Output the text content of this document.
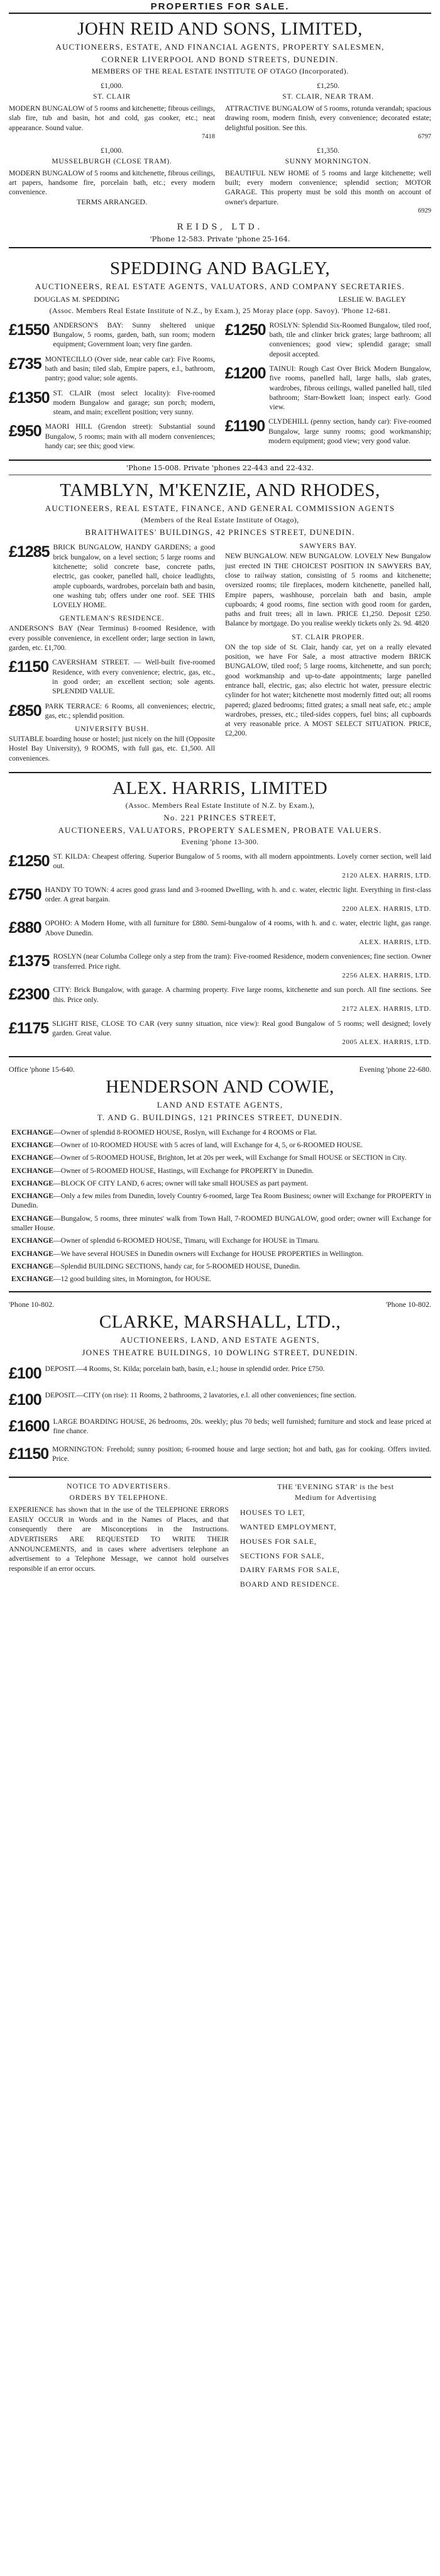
PROPERTIES FOR SALE.
JOHN REID AND SONS, LIMITED,
AUCTIONEERS, ESTATE, AND FINANCIAL AGENTS, PROPERTY SALESMEN,
CORNER LIVERPOOL AND BOND STREETS, DUNEDIN.
MEMBERS OF THE REAL ESTATE INSTITUTE OF OTAGO (Incorporated).
£1,000.
ST. CLAIR
MODERN BUNGALOW of 5 rooms and kitchenette; fibrous ceilings, slab fire, tub and basin, hot and cold, gas cooker, etc.; neat appearance. Sound value.
7418
£1,000.
MUSSELBURGH (CLOSE TRAM).
MODERN BUNGALOW of 5 rooms and kitchenette, fibrous ceilings, art papers, handsome fire, porcelain bath, etc.; every modern convenience.
TERMS ARRANGED.
£1,250.
ST. CLAIR, NEAR TRAM.
ATTRACTIVE BUNGALOW of 5 rooms, rotunda verandah; spacious drawing room, modern finish, every convenience; decorated estate; delightful position. See this.
6797
£1,350.
SUNNY MORNINGTON.
BEAUTIFUL NEW HOME of 5 rooms and large kitchenette; well built; every modern convenience; splendid section; MOTOR GARAGE. This property must be sold this month on account of owner's departure.
6929
REIDS, LTD.
'Phone 12-583. Private 'phone 25-164.
SPEDDING AND BAGLEY,
AUCTIONEERS, REAL ESTATE AGENTS, VALUATORS, AND COMPANY SECRETARIES.
DOUGLAS M. SPEDDING	LESLIE W. BAGLEY
(Assoc. Members Real Estate Institute of N.Z., by Exam.), 25 Moray place (opp. Savoy). 'Phone 12-681.
£1550 ANDERSON'S BAY: Sunny sheltered unique Bungalow, 5 rooms, garden, bath, sun room; modern equipment; Government loan; very fine garden.
£735 MONTECILLO (Over side, near cable car): Five Rooms, bath and basin; tiled slab, Empire papers, e.l., bathroom, pantry; good value; sole agents.
£1350 ST. CLAIR (most select locality): Five-roomed modern Bungalow and garage; sun porch; modern, steam, and main; excellent position; very sunny.
£950 MAORI HILL (Grendon street): Substantial sound Bungalow, 5 rooms; main with all modern conveniences; handy car; see this; good view.
£1250 ROSLYN: Splendid Six-Roomed Bungalow, tiled roof, bath, tile and clinker brick grates; large bathroom; all conveniences; good view; splendid garage; small deposit accepted.
£1200 TAINUI: Rough Cast Over Brick Modern Bungalow, five rooms, panelled hall, large halls, slab grates, wardrobes, fibrous ceilings, walled panelled hall, tiled bathroom; Starr-Bowkett loan; inspect early. Good view.
£1190 CLYDEHILL (penny section, handy car): Five-roomed Bungalow, large sunny rooms; good workmanship; modern equipment; good view; very good value.
'Phone 15-008. Private 'phones 22-443 and 22-432.
TAMBLYN, M'KENZIE, AND RHODES,
AUCTIONEERS, REAL ESTATE, FINANCE, AND GENERAL COMMISSION AGENTS
(Members of the Real Estate Institute of Otago),
BRAITHWAITES' BUILDINGS, 42 PRINCES STREET, DUNEDIN.
£1285 BRICK BUNGALOW, HANDY GARDENS; a good brick bungalow, on a level section; 5 large rooms and kitchenette; solid concrete base, concrete paths, electric, gas cooker, panelled hall, choice leadlights, ample cupboards, wardrobes, porcelain bath and basin, one washing tub; offers under one roof. SEE THIS LOVELY HOME.
GENTLEMAN'S RESIDENCE.
ANDERSON'S BAY (Near Terminus) 8-roomed Residence, with every possible convenience, in excellent order; large section in lawn, garden, etc. £1,700.
£1150 CAVERSHAM STREET. — Well-built five-roomed Residence, with every convenience; electric, gas, etc., in good order; an excellent section; sole agents. SPLENDID VALUE.
£850 PARK TERRACE: 6 Rooms, all conveniences; electric, gas, etc.; splendid position.
UNIVERSITY BUSH.
SUITABLE boarding house or hostel; just nicely on the hill (Opposite Hostel Bay University), 9 ROOMS, with full gas, etc. £1,500. All conveniences.
SAWYERS BAY.
NEW BUNGALOW. NEW BUNGALOW. LOVELY New Bungalow just erected IN THE CHOICEST POSITION IN SAWYERS BAY, close to railway station, consisting of 5 rooms and kitchenette; oversized rooms; tile fireplaces, modern kitchenette, panelled hall, Empire papers, washhouse, porcelain bath and basin, ample cupboards; 4 good rooms, fine section with good room for garden, paths and fruit trees; all in lawn. PRICE £1,250. Deposit £250. Balance by mortgage. Do you realise weekly tickets only 2s. 9d. 4820
ST. CLAIR PROPER.
ON the top side of St. Clair, handy car, yet on a really elevated position, we have For Sale, a most attractive modern BRICK BUNGALOW, tiled roof; 5 large rooms, kitchenette, and sun porch; good workmanship and up-to-date appointments; large panelled entrance hall, electric, gas; also electric hot water, pressure electric cylinder for hot water; kitchenette most modernly fitted out; all rooms papered; glazed bedrooms; fitted grates; a small neat safe, etc.; ample wardrobes, presses, etc.; tiled-sides coppers, fuel bins; all cupboards at very reasonable price. A MOST SELECT SITUATION. PRICE, £2,200.
ALEX. HARRIS, LIMITED
(Assoc. Members Real Estate Institute of N.Z. by Exam.),
No. 221 PRINCES STREET,
AUCTIONEERS, VALUATORS, PROPERTY SALESMEN, PROBATE VALUERS.
Evening 'phone 13-300.
£1250 ST. KILDA: Cheapest offering. Superior Bungalow of 5 rooms, with all modern appointments. Lovely corner section, well laid out.
2120 ALEX. HARRIS, LTD.
£750 HANDY TO TOWN: 4 acres good grass land and 3-roomed Dwelling, with h. and c. water, electric light. Everything in first-class order. A great bargain.
2200 ALEX. HARRIS, LTD.
£880 OPOHO: A Modern Home, with all furniture for £880. Semi-bungalow of 4 rooms, with h. and c. water, electric light, gas range. Above Dunedin.
ALEX. HARRIS, LTD.
£1375 ROSLYN (near Columba College only a step from the tram): Five-roomed Residence, modern conveniences; fine section. Owner transferred. Price right.
2256 ALEX. HARRIS, LTD.
£2300 CITY: Brick Bungalow, with garage. A charming property. Five large rooms, kitchenette and sun porch. All fine sections. See this. Price only.
2172 ALEX. HARRIS, LTD.
£1175 SLIGHT RISE, CLOSE TO CAR (very sunny situation, nice view): Real good Bungalow of 5 rooms; well designed; lovely garden. Great value.
2005 ALEX. HARRIS, LTD.
Office 'phone 15-640.	Evening 'phone 22-680.
HENDERSON AND COWIE,
LAND AND ESTATE AGENTS,
T. AND G. BUILDINGS, 121 PRINCES STREET, DUNEDIN.
EXCHANGE—Owner of splendid 8-ROOMED HOUSE, Roslyn, will Exchange for 4 ROOMS or Flat.
EXCHANGE—Owner of 10-ROOMED HOUSE with 5 acres of land, will Exchange for 4, 5, or 6-ROOMED HOUSE.
EXCHANGE—Owner of 5-ROOMED HOUSE, Brighton, let at 20s per week, will Exchange for Small HOUSE or SECTION in City.
EXCHANGE—Owner of 5-ROOMED HOUSE, Hastings, will Exchange for PROPERTY in Dunedin.
EXCHANGE—BLOCK OF CITY LAND, 6 acres; owner will take small HOUSES as part payment.
EXCHANGE—Only a few miles from Dunedin, lovely Country 6-roomed, large Tea Room Business; owner will Exchange for PROPERTY in Dunedin.
EXCHANGE—Bungalow, 5 rooms, three minutes' walk from Town Hall, 7-ROOMED BUNGALOW, good order; owner will Exchange for smaller House.
EXCHANGE—Owner of splendid 6-ROOMED HOUSE, Timaru, will Exchange for HOUSE in Timaru.
EXCHANGE—We have several HOUSES in Dunedin owners will Exchange for HOUSE PROPERTIES in Wellington.
EXCHANGE—Splendid BUILDING SECTIONS, handy car, for 5-ROOMED HOUSE, Dunedin.
EXCHANGE—12 good building sites, in Mornington, for HOUSE.
'Phone 10-802.	'Phone 10-802.
CLARKE, MARSHALL, LTD.,
AUCTIONEERS, LAND, AND ESTATE AGENTS,
JONES THEATRE BUILDINGS, 10 DOWLING STREET, DUNEDIN.
£100 DEPOSIT.—4 Rooms, St. Kilda; porcelain bath, basin, e.l.; house in splendid order. Price £750.
£100 DEPOSIT.—CITY (on rise): 11 Rooms, 2 bathrooms, 2 lavatories, e.l. all other conveniences; fine section.
£1600 LARGE BOARDING HOUSE, 26 bedrooms, 20s. weekly; plus 70 beds; well furnished; furniture and stock and lease priced at fine chance.
£1150 MORNINGTON: Freehold; sunny position; 6-roomed house and large section; hot and bath, gas for cooking. Offers invited. Price.
NOTICE TO ADVERTISERS.
ORDERS BY TELEPHONE.
EXPERIENCE has shown that in the use of the TELEPHONE ERRORS EASILY OCCUR in Words and in the Names of Places, and that consequently there are Misconceptions in the Instructions. ADVERTISERS ARE REQUESTED TO WRITE THEIR ANNOUNCEMENTS, and in cases where advertisers telephone an advertisement to a Telephone Message, we cannot hold ourselves responsible if an error occurs.
THE 'EVENING STAR' is the best
Medium for Advertising
HOUSES TO LET,
WANTED EMPLOYMENT,
HOUSES FOR SALE,
SECTIONS FOR SALE,
DAIRY FARMS FOR SALE,
BOARD AND RESIDENCE.
